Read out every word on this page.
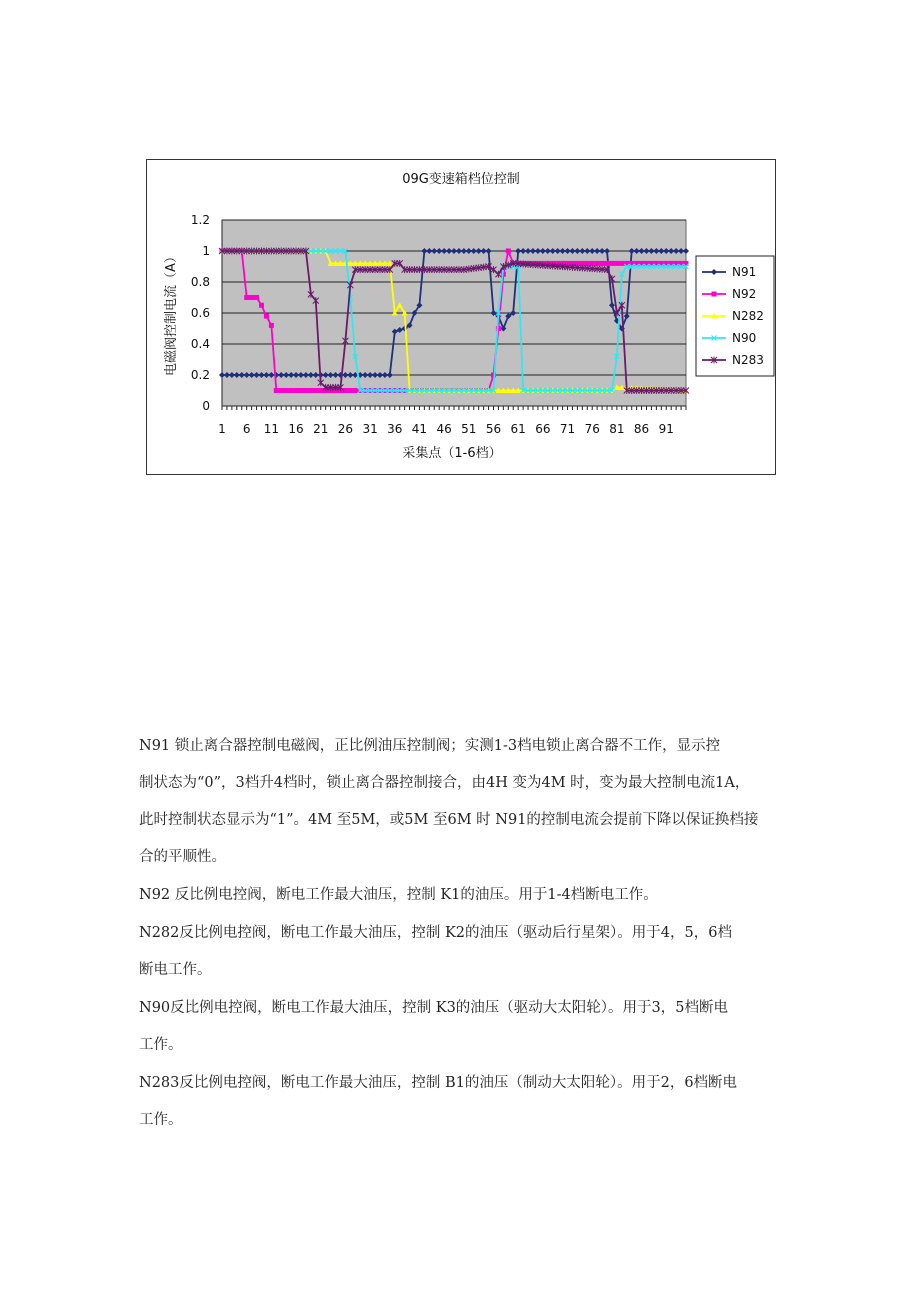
09G变速箱档位控制
0
0.2
0.4
0.6
0.8
1
1.2
1 6 11 16 21 26 31 36 41 46 51 56 61 66 71 76 81 86 91
电磁阀控制电流（A）
采集点（1-6档）
N91
N92
N282
N90
N283

N91 锁止离合器控制电磁阀，正比例油压控制阀；实测1-3档电锁止离合器不工作，显示控
制状态为“0”，3档升4档时，锁止离合器控制接合，由4H 变为4M 时，变为最大控制电流1A，
此时控制状态显示为“1”。4M 至5M，或5M 至6M 时 N91的控制电流会提前下降以保证换档接
合的平顺性。

N92 反比例电控阀，断电工作最大油压，控制 K1的油压。用于1-4档断电工作。

N282反比例电控阀，断电工作最大油压，控制 K2的油压（驱动后行星架）。用于4，5，6档
断电工作。

N90反比例电控阀，断电工作最大油压，控制 K3的油压（驱动大太阳轮）。用于3，5档断电
工作。

N283反比例电控阀，断电工作最大油压，控制 B1的油压（制动大太阳轮）。用于2，6档断电
工作。
